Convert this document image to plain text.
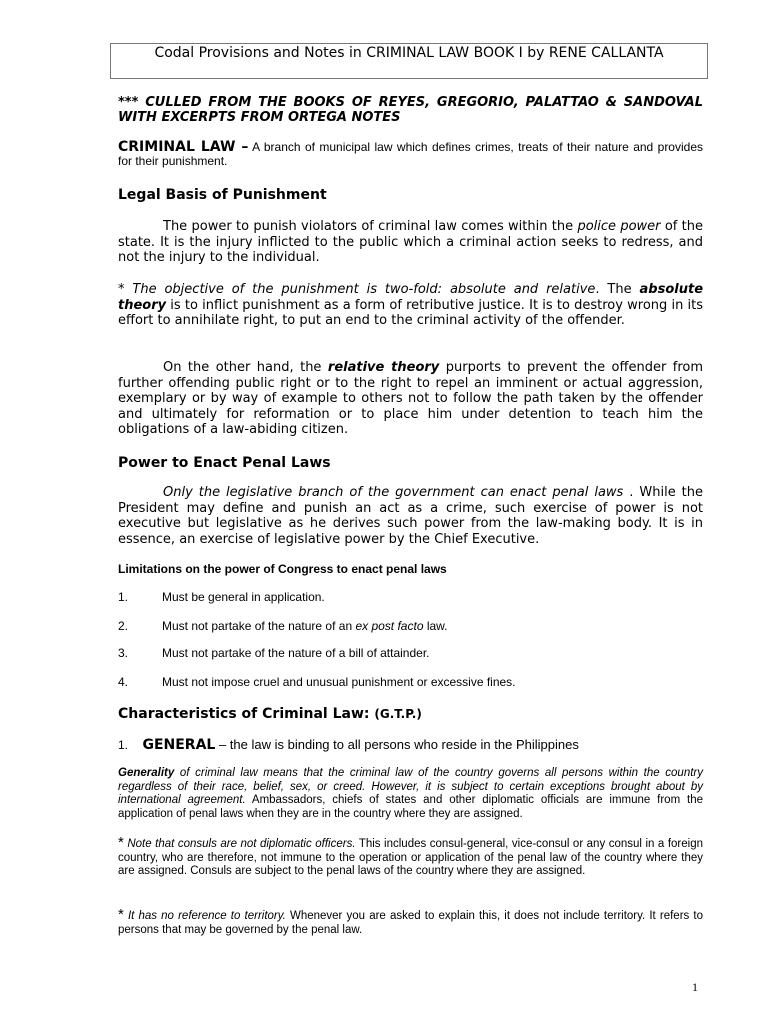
Codal Provisions and Notes in CRIMINAL LAW BOOK I by RENE CALLANTA
*** CULLED FROM THE BOOKS OF REYES, GREGORIO, PALATTAO & SANDOVAL WITH EXCERPTS FROM ORTEGA NOTES
CRIMINAL LAW – A branch of municipal law which defines crimes, treats of their nature and provides for their punishment.
Legal Basis of Punishment
The power to punish violators of criminal law comes within the police power of the state. It is the injury inflicted to the public which a criminal action seeks to redress, and not the injury to the individual.
* The objective of the punishment is two-fold: absolute and relative. The absolute theory is to inflict punishment as a form of retributive justice. It is to destroy wrong in its effort to annihilate right, to put an end to the criminal activity of the offender.
On the other hand, the relative theory purports to prevent the offender from further offending public right or to the right to repel an imminent or actual aggression, exemplary or by way of example to others not to follow the path taken by the offender and ultimately for reformation or to place him under detention to teach him the obligations of a law-abiding citizen.
Power to Enact Penal Laws
Only the legislative branch of the government can enact penal laws . While the President may define and punish an act as a crime, such exercise of power is not executive but legislative as he derives such power from the law-making body. It is in essence, an exercise of legislative power by the Chief Executive.
Limitations on the power of Congress to enact penal laws
1.	Must be general in application.
2.	Must not partake of the nature of an ex post facto law.
3.	Must not partake of the nature of a bill of attainder.
4.	Must not impose cruel and unusual punishment or excessive fines.
Characteristics of Criminal Law: (G.T.P.)
1. GENERAL – the law is binding to all persons who reside in the Philippines
Generality of criminal law means that the criminal law of the country governs all persons within the country regardless of their race, belief, sex, or creed. However, it is subject to certain exceptions brought about by international agreement. Ambassadors, chiefs of states and other diplomatic officials are immune from the application of penal laws when they are in the country where they are assigned.
* Note that consuls are not diplomatic officers. This includes consul-general, vice-consul or any consul in a foreign country, who are therefore, not immune to the operation or application of the penal law of the country where they are assigned. Consuls are subject to the penal laws of the country where they are assigned.
* It has no reference to territory. Whenever you are asked to explain this, it does not include territory. It refers to persons that may be governed by the penal law.
1
